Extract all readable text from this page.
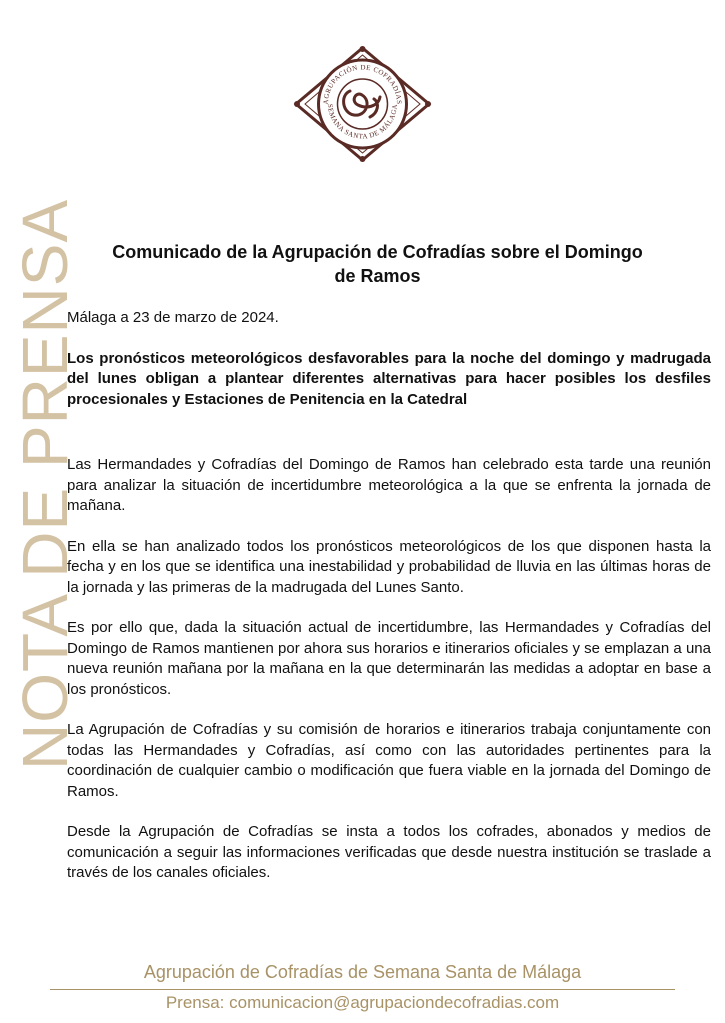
AGRUPACIÓN DE COFRADÍAS
SEMANA SANTA DE MÁLAGA
NOTA DE PRENSA	Comunicado de la Agrupación de Cofradías sobre el Domingo de Ramos

Málaga a 23 de marzo de 2024.

Los pronósticos meteorológicos desfavorables para la noche del domingo y madrugada del lunes obligan a plantear diferentes alternativas para hacer posibles los desfiles procesionales y Estaciones de Penitencia en la Catedral

Las Hermandades y Cofradías del Domingo de Ramos han celebrado esta tarde una reunión para analizar la situación de incertidumbre meteorológica a la que se enfrenta la jornada de mañana.

En ella se han analizado todos los pronósticos meteorológicos de los que disponen hasta la fecha y en los que se identifica una inestabilidad y probabilidad de lluvia en las últimas horas de la jornada y las primeras de la madrugada del Lunes Santo.

Es por ello que, dada la situación actual de incertidumbre, las Hermandades y Cofradías del Domingo de Ramos mantienen por ahora sus horarios e itinerarios oficiales y se emplazan a una nueva reunión mañana por la mañana en la que determinarán las medidas a adoptar en base a los pronósticos.

La Agrupación de Cofradías y su comisión de horarios e itinerarios trabaja conjuntamente con todas las Hermandades y Cofradías, así como con las autoridades pertinentes para la coordinación de cualquier cambio o modificación que fuera viable en la jornada del Domingo de Ramos.

Desde la Agrupación de Cofradías se insta a todos los cofrades, abonados y medios de comunicación a seguir las informaciones verificadas que desde nuestra institución se traslade a través de los canales oficiales.

Agrupación de Cofradías de Semana Santa de Málaga
Prensa: comunicacion@agrupaciondecofradias.com
